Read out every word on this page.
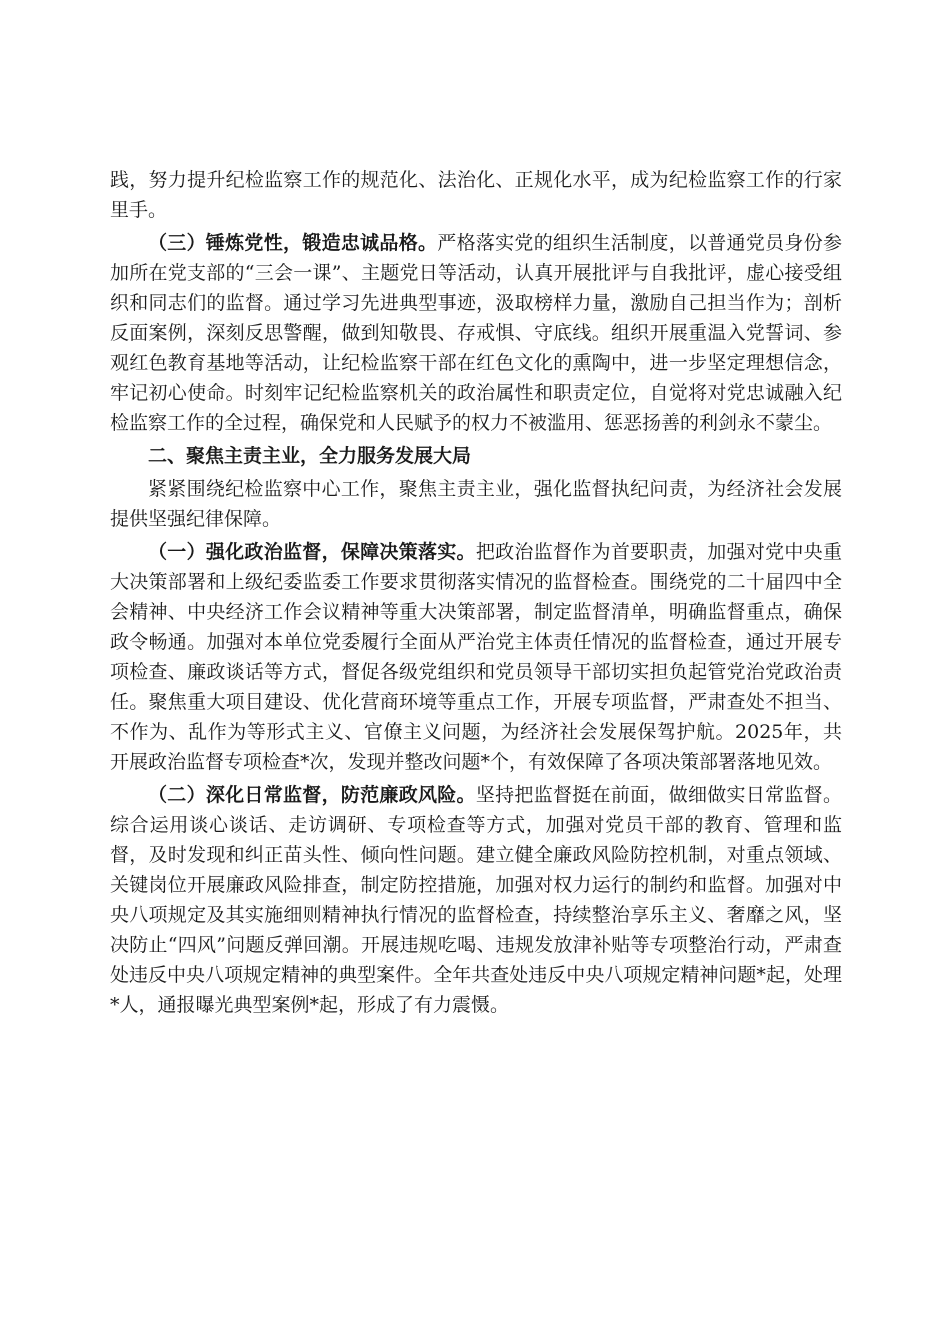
践，努力提升纪检监察工作的规范化、法治化、正规化水平，成为纪检监察工作的行家里手。

（三）锤炼党性，锻造忠诚品格。严格落实党的组织生活制度，以普通党员身份参加所在党支部的“三会一课”、主题党日等活动，认真开展批评与自我批评，虚心接受组织和同志们的监督。通过学习先进典型事迹，汲取榜样力量，激励自己担当作为；剖析反面案例，深刻反思警醒，做到知敬畏、存戒惧、守底线。组织开展重温入党誓词、参观红色教育基地等活动，让纪检监察干部在红色文化的熏陶中，进一步坚定理想信念，牢记初心使命。时刻牢记纪检监察机关的政治属性和职责定位，自觉将对党忠诚融入纪检监察工作的全过程，确保党和人民赋予的权力不被滥用、惩恶扬善的利剑永不蒙尘。

二、聚焦主责主业，全力服务发展大局

紧紧围绕纪检监察中心工作，聚焦主责主业，强化监督执纪问责，为经济社会发展提供坚强纪律保障。

（一）强化政治监督，保障决策落实。把政治监督作为首要职责，加强对党中央重大决策部署和上级纪委监委工作要求贯彻落实情况的监督检查。围绕党的二十届四中全会精神、中央经济工作会议精神等重大决策部署，制定监督清单，明确监督重点，确保政令畅通。加强对本单位党委履行全面从严治党主体责任情况的监督检查，通过开展专项检查、廉政谈话等方式，督促各级党组织和党员领导干部切实担负起管党治党政治责任。聚焦重大项目建设、优化营商环境等重点工作，开展专项监督，严肃查处不担当、不作为、乱作为等形式主义、官僚主义问题，为经济社会发展保驾护航。2025年，共开展政治监督专项检查*次，发现并整改问题*个，有效保障了各项决策部署落地见效。

（二）深化日常监督，防范廉政风险。坚持把监督挺在前面，做细做实日常监督。综合运用谈心谈话、走访调研、专项检查等方式，加强对党员干部的教育、管理和监督，及时发现和纠正苗头性、倾向性问题。建立健全廉政风险防控机制，对重点领域、关键岗位开展廉政风险排查，制定防控措施，加强对权力运行的制约和监督。加强对中央八项规定及其实施细则精神执行情况的监督检查，持续整治享乐主义、奢靡之风，坚决防止“四风”问题反弹回潮。开展违规吃喝、违规发放津补贴等专项整治行动，严肃查处违反中央八项规定精神的典型案件。全年共查处违反中央八项规定精神问题*起，处理*人，通报曝光典型案例*起，形成了有力震慑。
